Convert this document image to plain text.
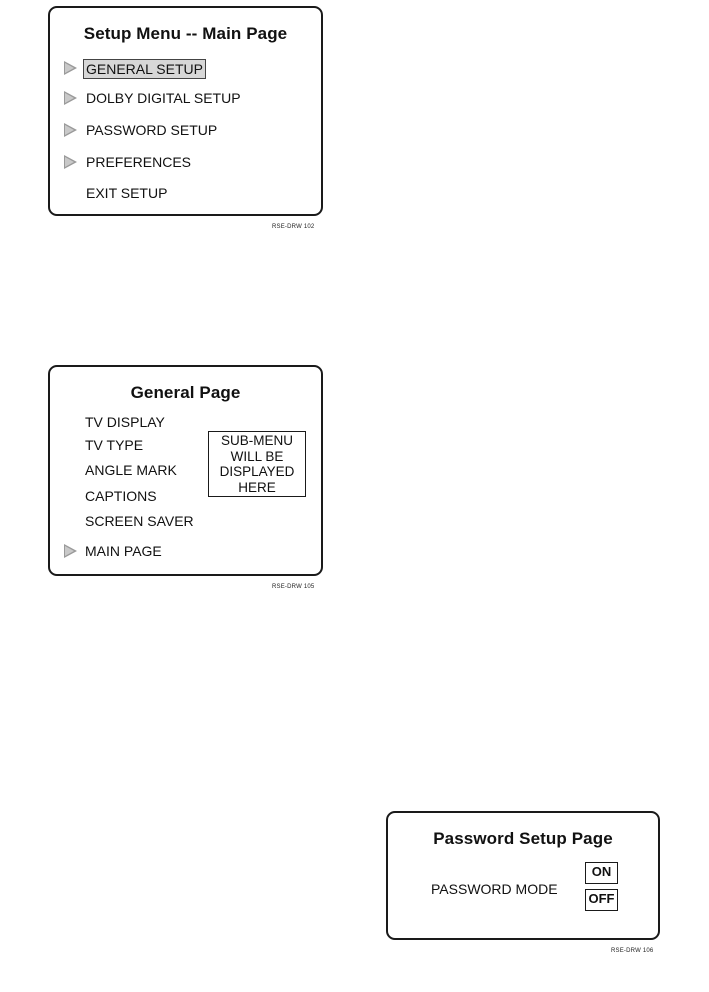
Setup Menu -- Main Page
GENERAL SETUP
DOLBY DIGITAL SETUP
PASSWORD SETUP
PREFERENCES
EXIT SETUP
RSE-DRW 102
General Page
TV DISPLAY
TV TYPE
ANGLE MARK
CAPTIONS
SCREEN SAVER
MAIN PAGE
SUB-MENU
WILL BE
DISPLAYED
HERE
RSE-DRW 105
Password Setup Page
PASSWORD MODE
ON
OFF
RSE-DRW 106
